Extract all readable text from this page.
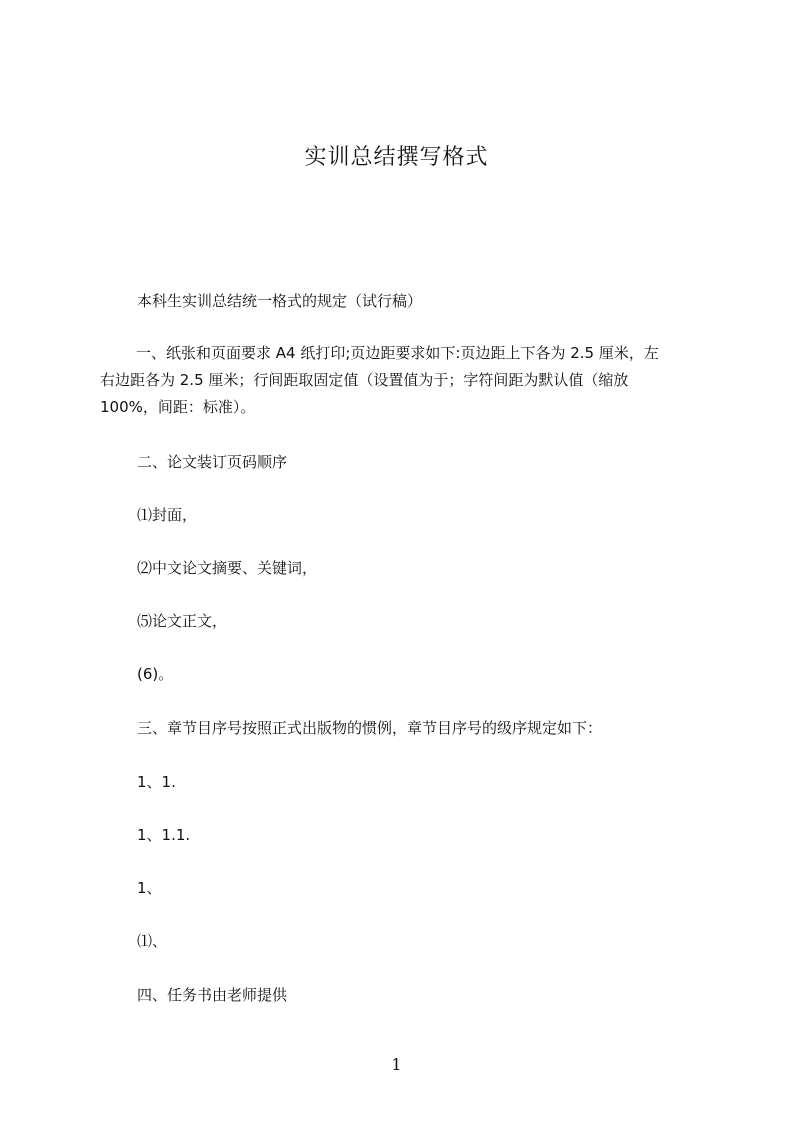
实训总结撰写格式
本科生实训总结统一格式的规定（试行稿）
一、纸张和页面要求 A4 纸打印;页边距要求如下:页边距上下各为 2.5 厘米，左
右边距各为 2.5 厘米；行间距取固定值（设置值为于；字符间距为默认值（缩放
100%，间距：标准）。
二、论文装订页码顺序
⑴封面，
⑵中文论文摘要、关键词，
⑸论文正文，
(6)。
三、章节目序号按照正式出版物的惯例，章节目序号的级序规定如下：
1、1.
1、1.1.
1、
⑴、
四、任务书由老师提供
1
